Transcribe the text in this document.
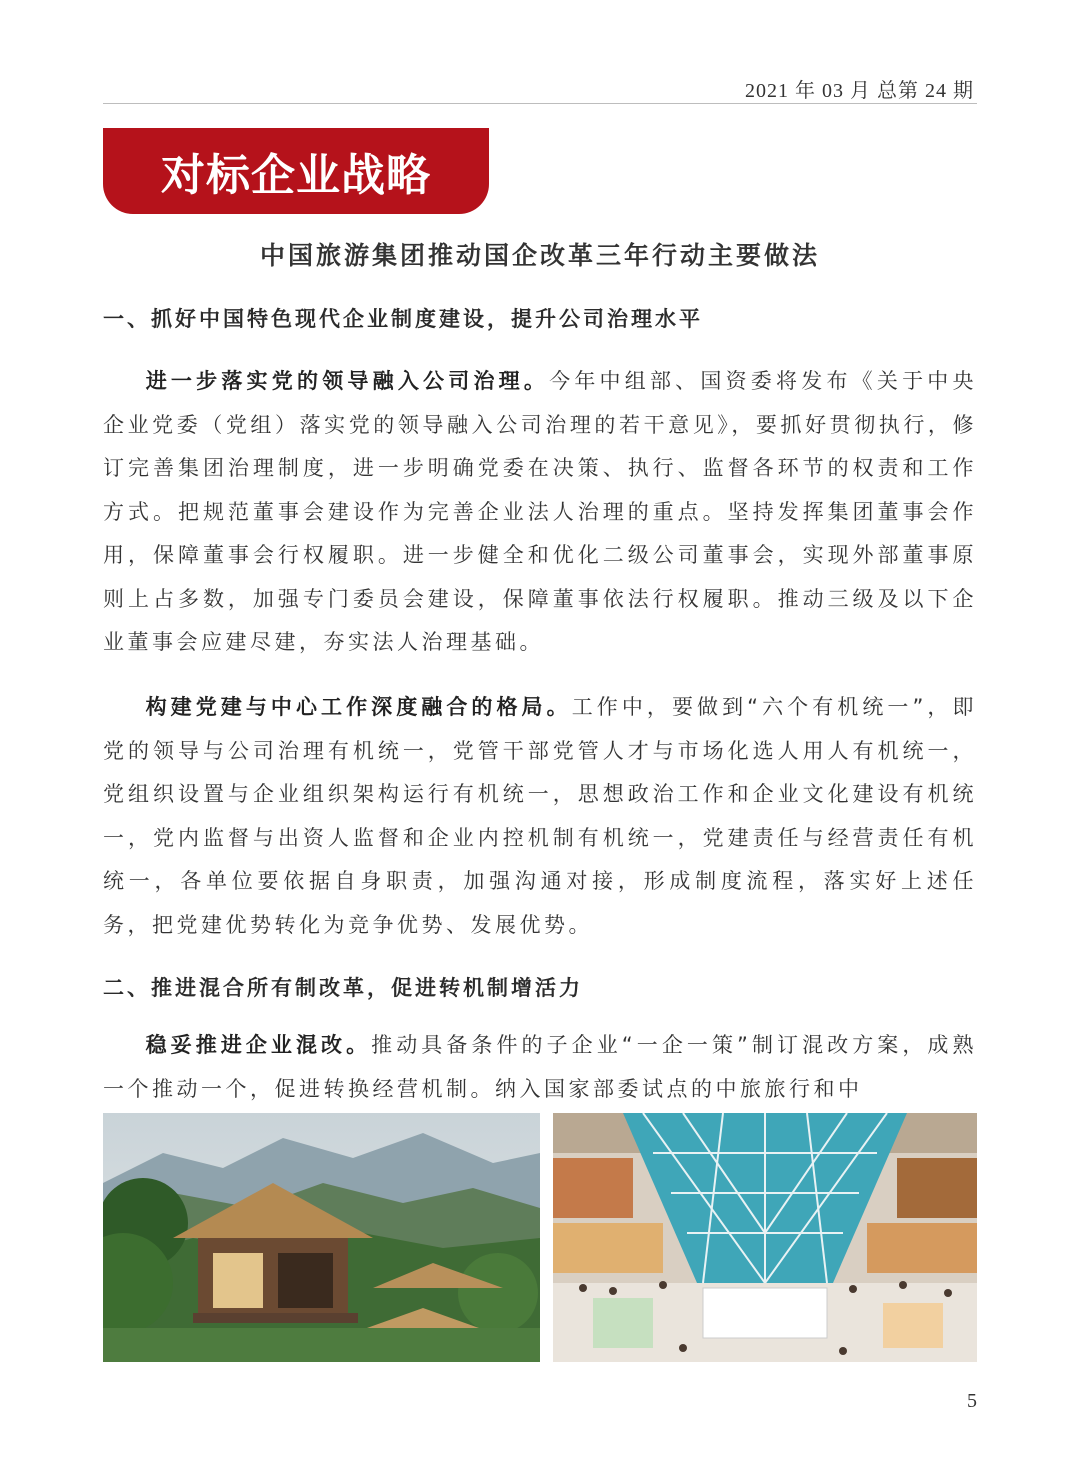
2021 年 03 月 总第 24 期
对标企业战略
中国旅游集团推动国企改革三年行动主要做法
一、抓好中国特色现代企业制度建设，提升公司治理水平
进一步落实党的领导融入公司治理。今年中组部、国资委将发布《关于中央企业党委（党组）落实党的领导融入公司治理的若干意见》，要抓好贯彻执行，修订完善集团治理制度，进一步明确党委在决策、执行、监督各环节的权责和工作方式。把规范董事会建设作为完善企业法人治理的重点。坚持发挥集团董事会作用，保障董事会行权履职。进一步健全和优化二级公司董事会，实现外部董事原则上占多数，加强专门委员会建设，保障董事依法行权履职。推动三级及以下企业董事会应建尽建，夯实法人治理基础。
构建党建与中心工作深度融合的格局。工作中，要做到“六个有机统一”，即党的领导与公司治理有机统一，党管干部党管人才与市场化选人用人有机统一，党组织设置与企业组织架构运行有机统一，思想政治工作和企业文化建设有机统一，党内监督与出资人监督和企业内控机制有机统一，党建责任与经营责任有机统一，各单位要依据自身职责，加强沟通对接，形成制度流程，落实好上述任务，把党建优势转化为竞争优势、发展优势。
二、推进混合所有制改革，促进转机制增活力
稳妥推进企业混改。推动具备条件的子企业“一企一策”制订混改方案，成熟一个推动一个，促进转换经营机制。纳入国家部委试点的中旅旅行和中
5
